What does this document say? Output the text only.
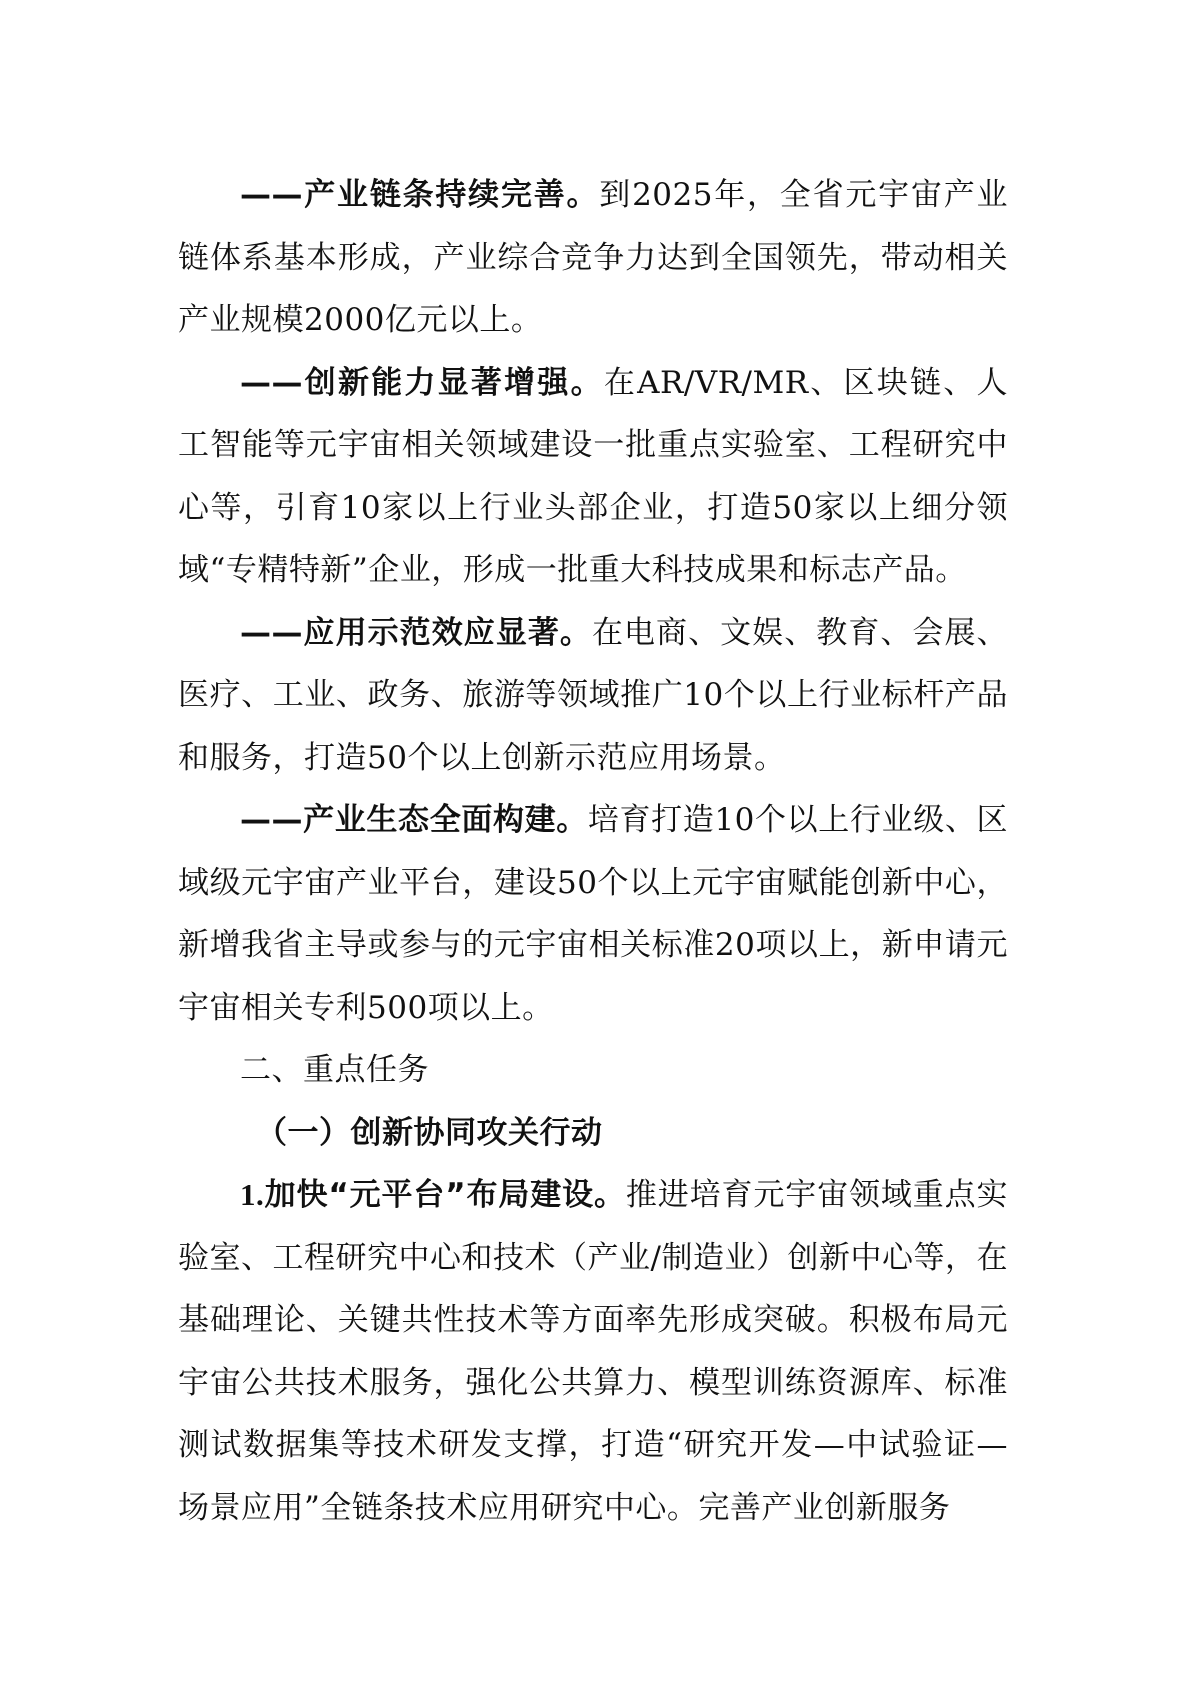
——产业链条持续完善。到2025年，全省元宇宙产业链体系基本形成，产业综合竞争力达到全国领先，带动相关产业规模2000亿元以上。

——创新能力显著增强。在AR/VR/MR、区块链、人工智能等元宇宙相关领域建设一批重点实验室、工程研究中心等，引育10家以上行业头部企业，打造50家以上细分领域“专精特新”企业，形成一批重大科技成果和标志产品。

——应用示范效应显著。在电商、文娱、教育、会展、医疗、工业、政务、旅游等领域推广10个以上行业标杆产品和服务，打造50个以上创新示范应用场景。

——产业生态全面构建。培育打造10个以上行业级、区域级元宇宙产业平台，建设50个以上元宇宙赋能创新中心，新增我省主导或参与的元宇宙相关标准20项以上，新申请元宇宙相关专利500项以上。

二、重点任务

（一）创新协同攻关行动

1.加快“元平台”布局建设。推进培育元宇宙领域重点实验室、工程研究中心和技术（产业/制造业）创新中心等，在基础理论、关键共性技术等方面率先形成突破。积极布局元宇宙公共技术服务，强化公共算力、模型训练资源库、标准测试数据集等技术研发支撑，打造“研究开发—中试验证—场景应用”全链条技术应用研究中心。完善产业创新服务
